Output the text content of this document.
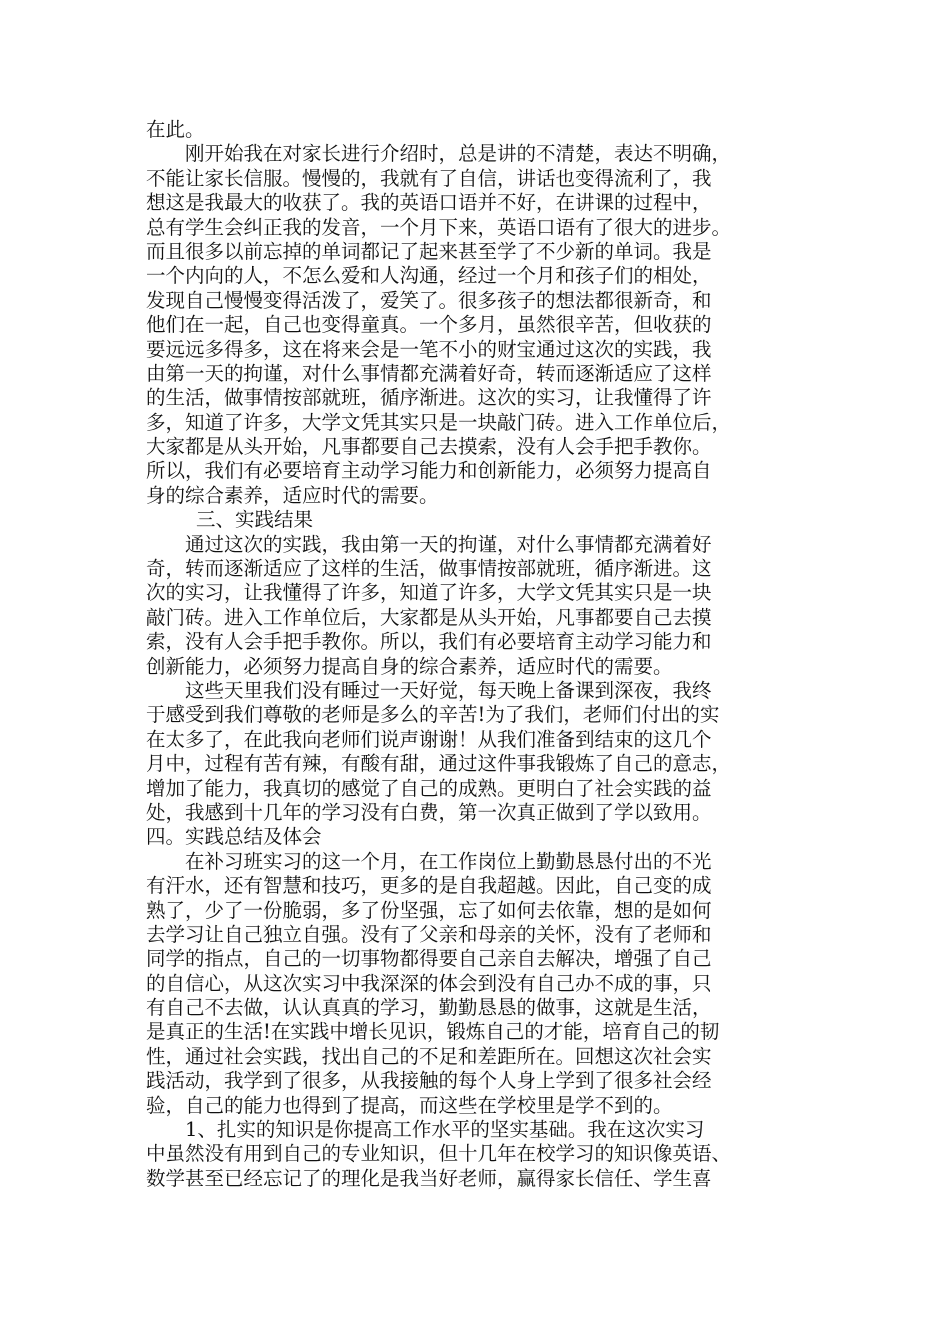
在此。
刚开始我在对家长进行介绍时，总是讲的不清楚，表达不明确，
不能让家长信服。慢慢的，我就有了自信，讲话也变得流利了，我
想这是我最大的收获了。我的英语口语并不好，在讲课的过程中，
总有学生会纠正我的发音，一个月下来，英语口语有了很大的进步。
而且很多以前忘掉的单词都记了起来甚至学了不少新的单词。我是
一个内向的人，不怎么爱和人沟通，经过一个月和孩子们的相处，
发现自己慢慢变得活泼了，爱笑了。很多孩子的想法都很新奇，和
他们在一起，自己也变得童真。一个多月，虽然很辛苦，但收获的
要远远多得多，这在将来会是一笔不小的财宝通过这次的实践，我
由第一天的拘谨，对什么事情都充满着好奇，转而逐渐适应了这样
的生活，做事情按部就班，循序渐进。这次的实习，让我懂得了许
多，知道了许多，大学文凭其实只是一块敲门砖。进入工作单位后，
大家都是从头开始，凡事都要自己去摸索，没有人会手把手教你。
所以，我们有必要培育主动学习能力和创新能力，必须努力提高自
身的综合素养，适应时代的需要。
三、实践结果
通过这次的实践，我由第一天的拘谨，对什么事情都充满着好
奇，转而逐渐适应了这样的生活，做事情按部就班，循序渐进。这
次的实习，让我懂得了许多，知道了许多，大学文凭其实只是一块
敲门砖。进入工作单位后，大家都是从头开始，凡事都要自己去摸
索，没有人会手把手教你。所以，我们有必要培育主动学习能力和
创新能力，必须努力提高自身的综合素养，适应时代的需要。
这些天里我们没有睡过一天好觉，每天晚上备课到深夜，我终
于感受到我们尊敬的老师是多么的辛苦!为了我们，老师们付出的实
在太多了，在此我向老师们说声谢谢！从我们准备到结束的这几个
月中，过程有苦有辣，有酸有甜，通过这件事我锻炼了自己的意志，
增加了能力，我真切的感觉了自己的成熟。更明白了社会实践的益
处，我感到十几年的学习没有白费，第一次真正做到了学以致用。
四。实践总结及体会
在补习班实习的这一个月，在工作岗位上勤勤恳恳付出的不光
有汗水，还有智慧和技巧，更多的是自我超越。因此，自己变的成
熟了，少了一份脆弱，多了份坚强，忘了如何去依靠，想的是如何
去学习让自己独立自强。没有了父亲和母亲的关怀，没有了老师和
同学的指点，自己的一切事物都得要自己亲自去解决，增强了自己
的自信心，从这次实习中我深深的体会到没有自己办不成的事，只
有自己不去做，认认真真的学习，勤勤恳恳的做事，这就是生活，
是真正的生活!在实践中增长见识，锻炼自己的才能，培育自己的韧
性，通过社会实践，找出自己的不足和差距所在。回想这次社会实
践活动，我学到了很多，从我接触的每个人身上学到了很多社会经
验，自己的能力也得到了提高，而这些在学校里是学不到的。
1、扎实的知识是你提高工作水平的坚实基础。我在这次实习
中虽然没有用到自己的专业知识，但十几年在校学习的知识像英语、
数学甚至已经忘记了的理化是我当好老师，赢得家长信任、学生喜
